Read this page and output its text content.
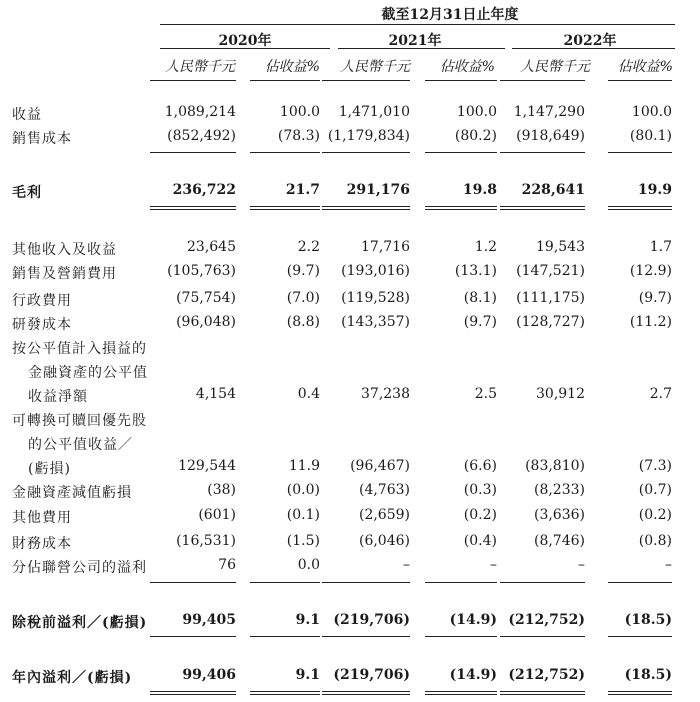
截至12月31日止年度
2020年	2021年	2022年
人民幣千元	佔收益%	人民幣千元	佔收益%	人民幣千元	佔收益%
收益	1,089,214	100.0	1,471,010	100.0	1,147,290	100.0
銷售成本	(852,492)	(78.3) (1,179,834)	(80.2)	(918,649)	(80.1)
毛利	236,722	21.7	291,176	19.8	228,641	19.9
其他收入及收益	23,645	2.2	17,716	1.2	19,543	1.7
銷售及營銷費用	(105,763)	(9.7)	(193,016)	(13.1)	(147,521)	(12.9)
行政費用	(75,754)	(7.0)	(119,528)	(8.1)	(111,175)	(9.7)
研發成本	(96,048)	(8.8)	(143,357)	(9.7)	(128,727)	(11.2)
按公平值計入損益的
金融資產的公平值
收益淨額	4,154	0.4	37,238	2.5	30,912	2.7
可轉換可贖回優先股
的公平值收益／
(虧損)	129,544	11.9	(96,467)	(6.6)	(83,810)	(7.3)
金融資產減值虧損	(38)	(0.0)	(4,763)	(0.3)	(8,233)	(0.7)
其他費用	(601)	(0.1)	(2,659)	(0.2)	(3,636)	(0.2)
財務成本	(16,531)	(1.5)	(6,046)	(0.4)	(8,746)	(0.8)
分佔聯營公司的溢利	76	0.0	–	–	–	–
除稅前溢利／(虧損)	99,405	9.1 (219,706)	(14.9) (212,752)	(18.5)
年內溢利／(虧損)	99,406	9.1 (219,706)	(14.9) (212,752)	(18.5)
